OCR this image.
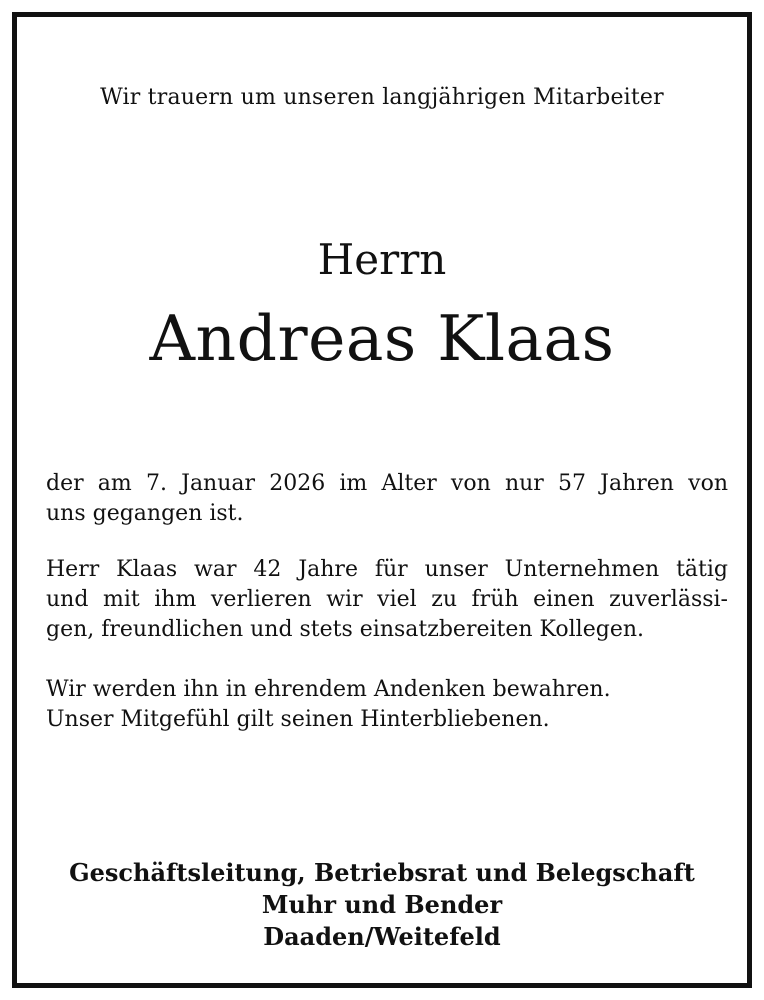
Wir trauern um unseren langjährigen Mitarbeiter
Herrn
Andreas Klaas
der am 7. Januar 2026 im Alter von nur 57 Jahren von
uns gegangen ist.
Herr Klaas war 42 Jahre für unser Unternehmen tätig
und mit ihm verlieren wir viel zu früh einen zuverlässi-
gen, freundlichen und stets einsatzbereiten Kollegen.
Wir werden ihn in ehrendem Andenken bewahren.
Unser Mitgefühl gilt seinen Hinterbliebenen.
Geschäftsleitung, Betriebsrat und Belegschaft
Muhr und Bender
Daaden/Weitefeld
